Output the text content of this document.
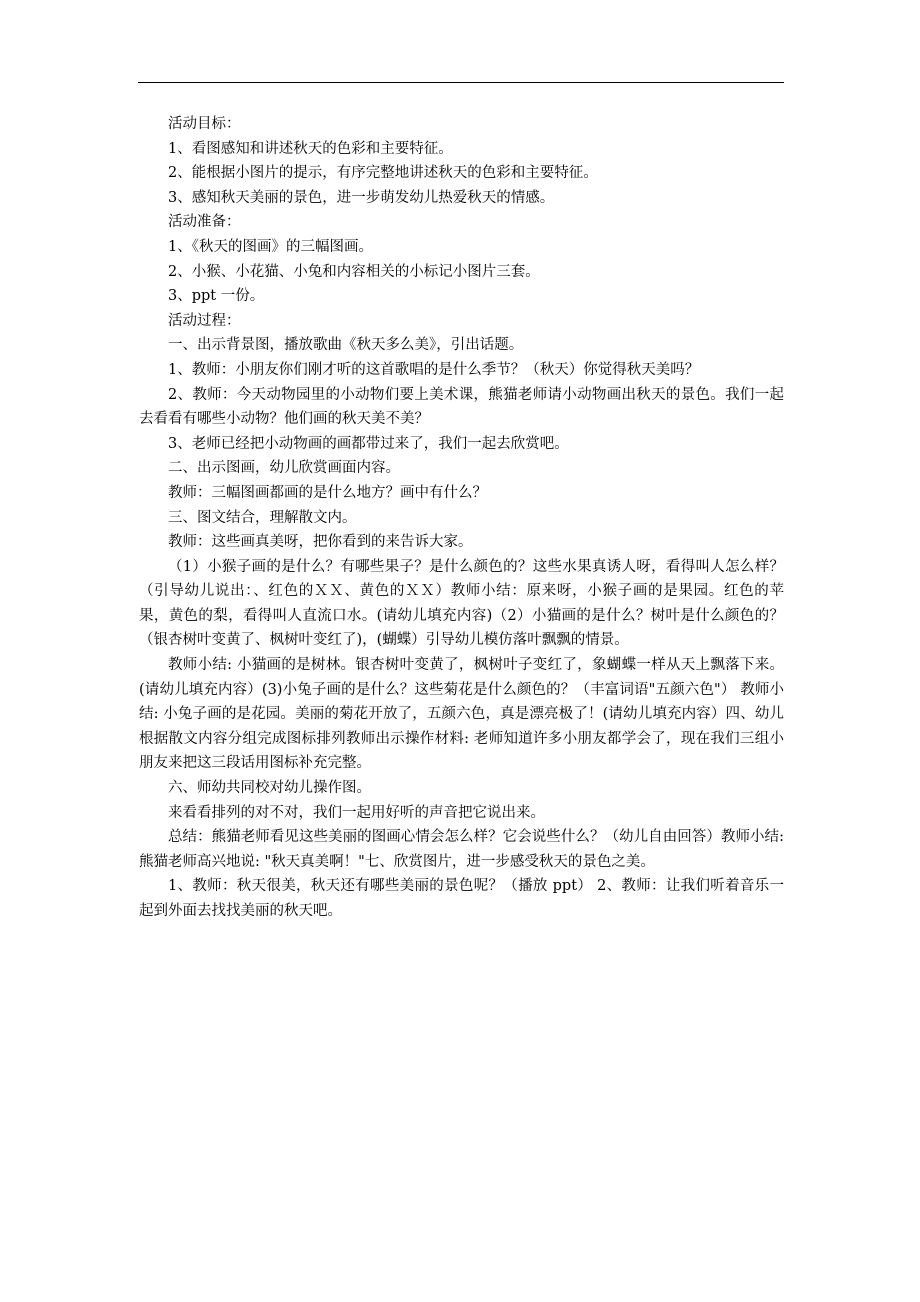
活动目标：

1、看图感知和讲述秋天的色彩和主要特征。

2、能根据小图片的提示，有序完整地讲述秋天的色彩和主要特征。

3、感知秋天美丽的景色，进一步萌发幼儿热爱秋天的情感。

活动准备：

1、《秋天的图画》的三幅图画。

2、小猴、小花猫、小兔和内容相关的小标记小图片三套。

3、ppt 一份。

活动过程：

一、出示背景图，播放歌曲《秋天多么美》，引出话题。

1、教师：小朋友你们刚才听的这首歌唱的是什么季节？（秋天）你觉得秋天美吗？

2、教师：今天动物园里的小动物们要上美术课，熊猫老师请小动物画出秋天的景色。我们一起去看看有哪些小动物？他们画的秋天美不美？

3、老师已经把小动物画的画都带过来了，我们一起去欣赏吧。

二、出示图画，幼儿欣赏画面内容。

教师：三幅图画都画的是什么地方？画中有什么？

三、图文结合，理解散文内。

教师：这些画真美呀，把你看到的来告诉大家。

（1）小猴子画的是什么？有哪些果子？是什么颜色的？这些水果真诱人呀，看得叫人怎么样？（引导幼儿说出：、红色的ＸＸ、黄色的ＸＸ）教师小结：原来呀，小猴子画的是果园。红色的苹果，黄色的梨，看得叫人直流口水。(请幼儿填充内容)（2）小猫画的是什么？树叶是什么颜色的？（银杏树叶变黄了、枫树叶变红了)，(蝴蝶）引导幼儿模仿落叶飘飘的情景。

教师小结: 小猫画的是树林。银杏树叶变黄了，枫树叶子变红了，象蝴蝶一样从天上飘落下来。(请幼儿填充内容）(3)小兔子画的是什么？这些菊花是什么颜色的？（丰富词语"五颜六色"） 教师小结: 小兔子画的是花园。美丽的菊花开放了，五颜六色，真是漂亮极了！(请幼儿填充内容）四、幼儿根据散文内容分组完成图标排列教师出示操作材料: 老师知道许多小朋友都学会了，现在我们三组小朋友来把这三段话用图标补充完整。

六、师幼共同校对幼儿操作图。

来看看排列的对不对，我们一起用好听的声音把它说出来。

总结：熊猫老师看见这些美丽的图画心情会怎么样？它会说些什么？（幼儿自由回答）教师小结: 熊猫老师高兴地说: "秋天真美啊！"七、欣赏图片，进一步感受秋天的景色之美。

1、教师：秋天很美，秋天还有哪些美丽的景色呢？（播放 ppt） 2、教师：让我们听着音乐一起到外面去找找美丽的秋天吧。
